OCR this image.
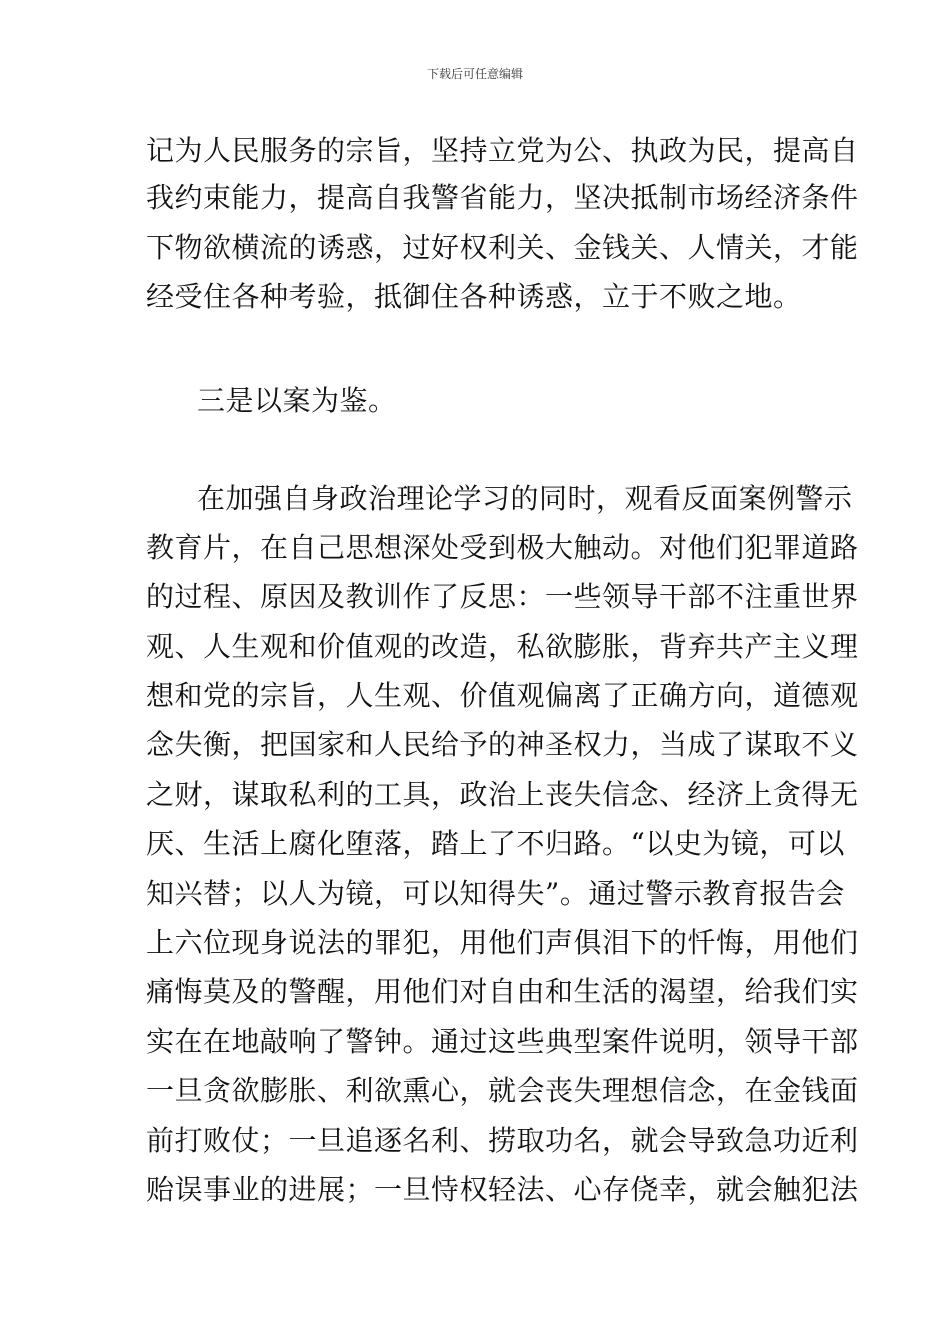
下载后可任意编辑
记为人民服务的宗旨，坚持立党为公、执政为民，提高自
我约束能力，提高自我警省能力，坚决抵制市场经济条件
下物欲横流的诱惑，过好权利关、金钱关、人情关，才能
经受住各种考验，抵御住各种诱惑，立于不败之地。
三是以案为鉴。
在加强自身政治理论学习的同时，观看反面案例警示
教育片，在自己思想深处受到极大触动。对他们犯罪道路
的过程、原因及教训作了反思：一些领导干部不注重世界
观、人生观和价值观的改造，私欲膨胀，背弃共产主义理
想和党的宗旨，人生观、价值观偏离了正确方向，道德观
念失衡，把国家和人民给予的神圣权力，当成了谋取不义
之财，谋取私利的工具，政治上丧失信念、经济上贪得无
厌、生活上腐化堕落，踏上了不归路。“以史为镜，可以
知兴替；以人为镜，可以知得失”。通过警示教育报告会
上六位现身说法的罪犯，用他们声俱泪下的忏悔，用他们
痛悔莫及的警醒，用他们对自由和生活的渴望，给我们实
实在在地敲响了警钟。通过这些典型案件说明，领导干部
一旦贪欲膨胀、利欲熏心，就会丧失理想信念，在金钱面
前打败仗；一旦追逐名利、捞取功名，就会导致急功近利
贻误事业的进展；一旦恃权轻法、心存侥幸，就会触犯法
